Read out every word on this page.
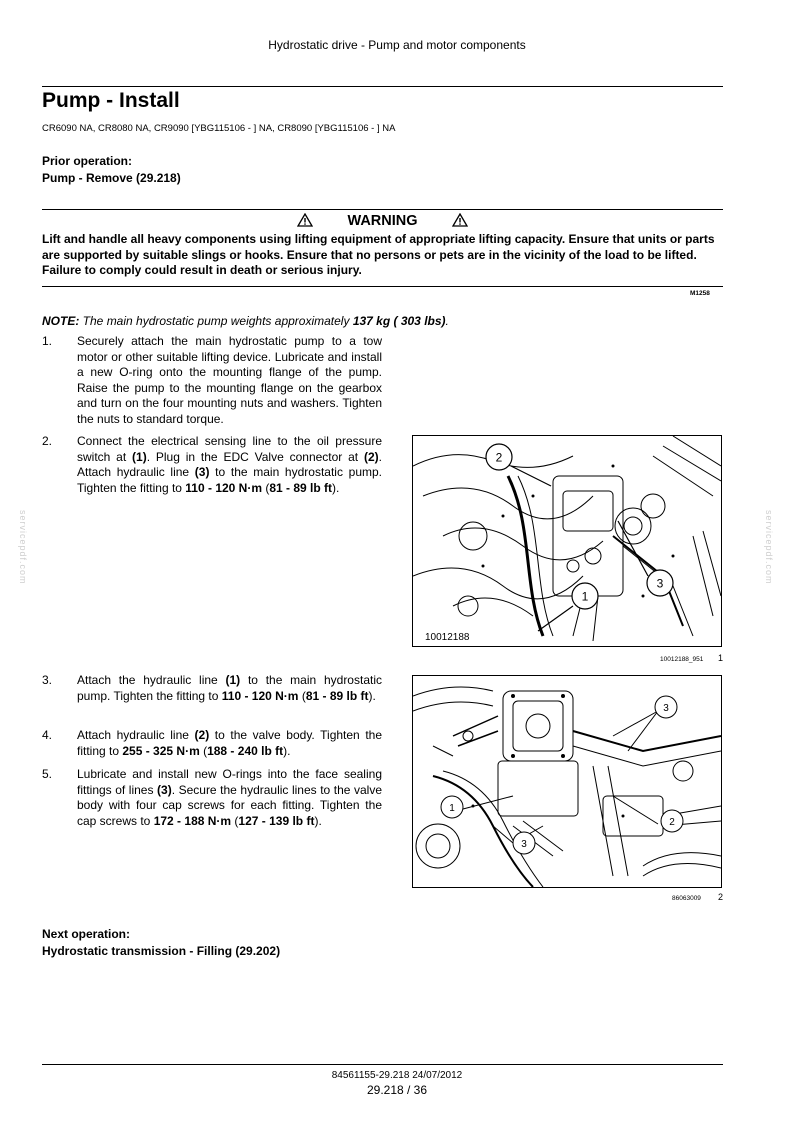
Hydrostatic drive - Pump and motor components
Pump - Install
CR6090 NA, CR8080 NA, CR9090 [YBG115106 - ] NA, CR8090 [YBG115106 - ] NA
Prior operation:
Pump - Remove (29.218)
WARNING
Lift and handle all heavy components using lifting equipment of appropriate lifting capacity. Ensure that units or parts are supported by suitable slings or hooks. Ensure that no persons or pets are in the vicinity of the load to be lifted. Failure to comply could result in death or serious injury.
M1258
NOTE: The main hydrostatic pump weights approximately 137 kg ( 303 lbs).
1. Securely attach the main hydrostatic pump to a tow motor or other suitable lifting device. Lubricate and install a new O-ring onto the mounting flange of the pump. Raise the pump to the mounting flange on the gearbox and turn on the four mounting nuts and washers. Tighten the nuts to standard torque.
2. Connect the electrical sensing line to the oil pressure switch at (1). Plug in the EDC Valve connector at (2). Attach hydraulic line (3) to the main hydrostatic pump. Tighten the fitting to 110 - 120 N·m (81 - 89 lb ft).
3. Attach the hydraulic line (1) to the main hydrostatic pump. Tighten the fitting to 110 - 120 N·m (81 - 89 lb ft).
4. Attach hydraulic line (2) to the valve body. Tighten the fitting to 255 - 325 N·m (188 - 240 lb ft).
5. Lubricate and install new O-rings into the face sealing fittings of lines (3). Secure the hydraulic lines to the valve body with four cap screws for each fitting. Tighten the cap screws to 172 - 188 N·m (127 - 139 lb ft).
2
3
1
10012188
10012188_951 1
3
1
2
3
86063009 2
Next operation:
Hydrostatic transmission - Filling (29.202)
84561155-29.218 24/07/2012
29.218 / 36
servicepdf.com	servicepdf.com
